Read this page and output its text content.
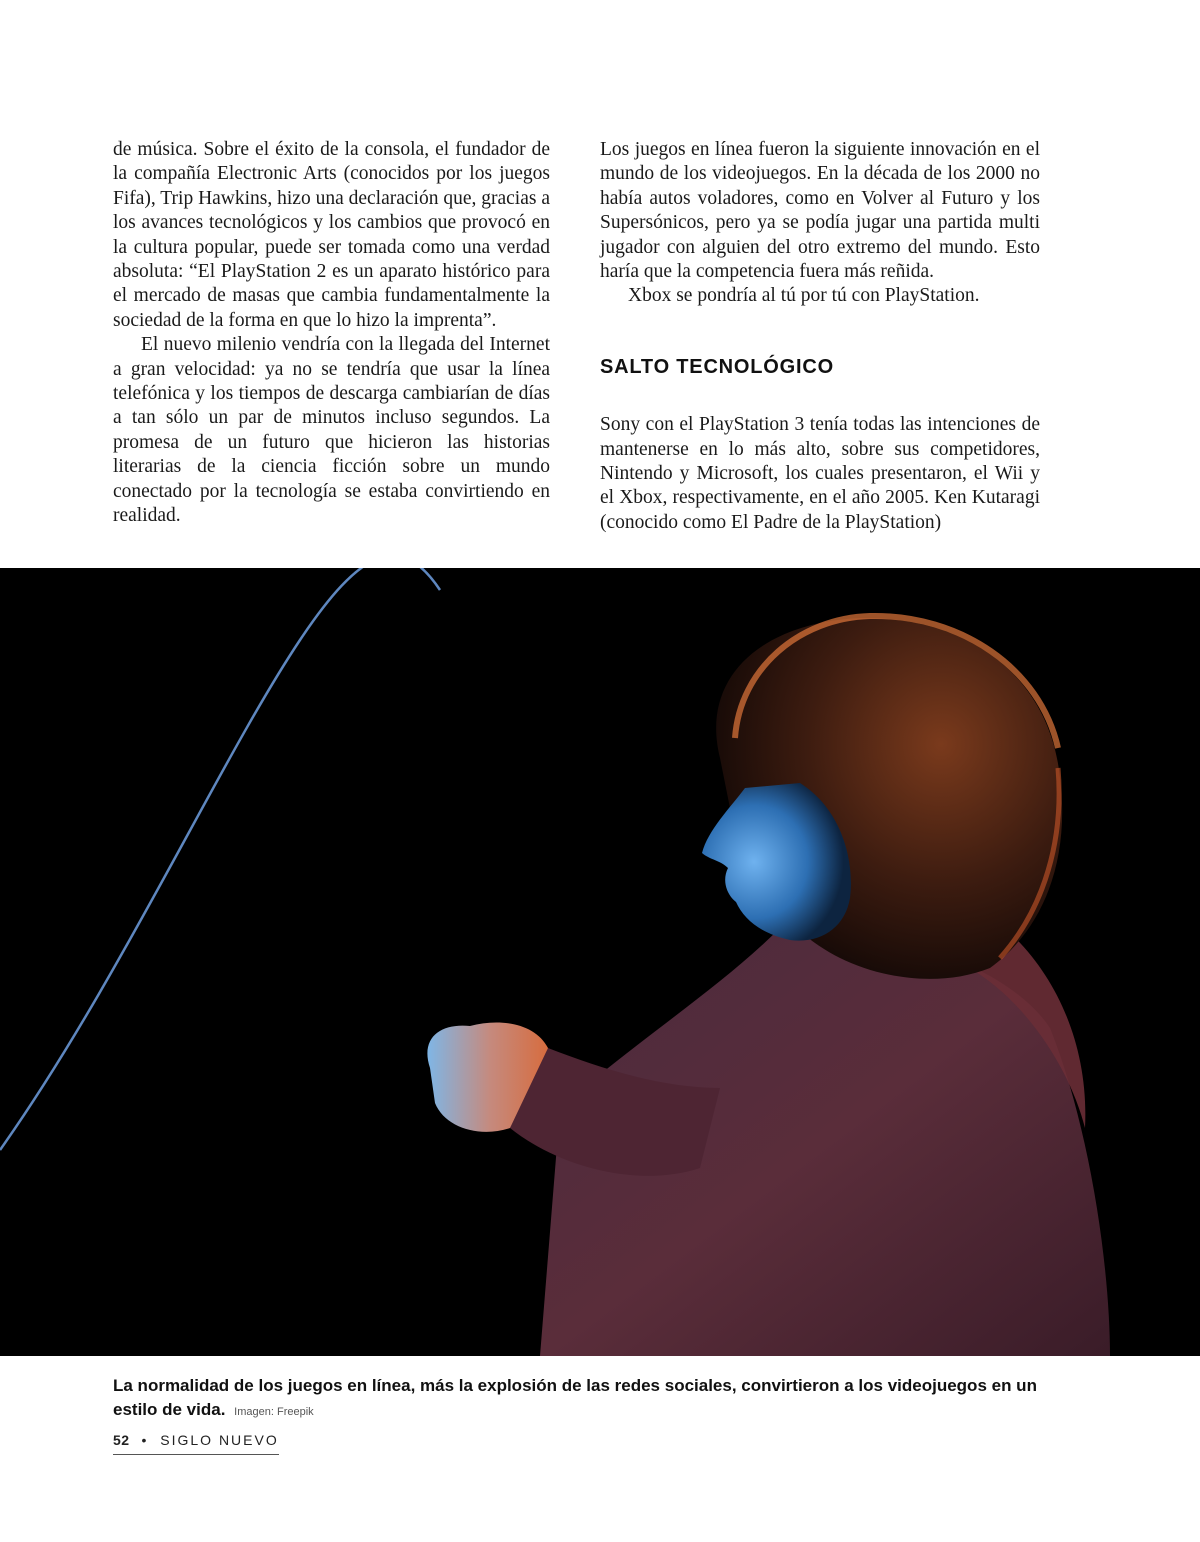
de música. Sobre el éxito de la consola, el fundador de la compañía Electronic Arts (conocidos por los juegos Fifa), Trip Hawkins, hizo una declaración que, gracias a los avances tecnológicos y los cambios que provocó en la cultura popular, puede ser tomada como una verdad absoluta: “El PlayStation 2 es un aparato histórico para el mercado de masas que cambia fundamentalmente la sociedad de la forma en que lo hizo la imprenta”.

El nuevo milenio vendría con la llegada del Internet a gran velocidad: ya no se tendría que usar la línea telefónica y los tiempos de descarga cambiarían de días a tan sólo un par de minutos incluso segundos. La promesa de un futuro que hicieron las historias literarias de la ciencia ficción sobre un mundo conectado por la tecnología se estaba convirtiendo en realidad.

Los juegos en línea fueron la siguiente innovación en el mundo de los videojuegos. En la década de los 2000 no había autos voladores, como en Volver al Futuro y los Supersónicos, pero ya se podía jugar una partida multi jugador con alguien del otro extremo del mundo. Esto haría que la competencia fuera más reñida.

Xbox se pondría al tú por tú con PlayStation.

SALTO TECNOLÓGICO

Sony con el PlayStation 3 tenía todas las intenciones de mantenerse en lo más alto, sobre sus competidores, Nintendo y Microsoft, los cuales presentaron, el Wii y el Xbox, respectivamente, en el año 2005. Ken Kutaragi (conocido como El Padre de la PlayStation)

La normalidad de los juegos en línea, más la explosión de las redes sociales, convirtieron a los videojuegos en un estilo de vida. Imagen: Freepik
52 • SIGLO NUEVO
